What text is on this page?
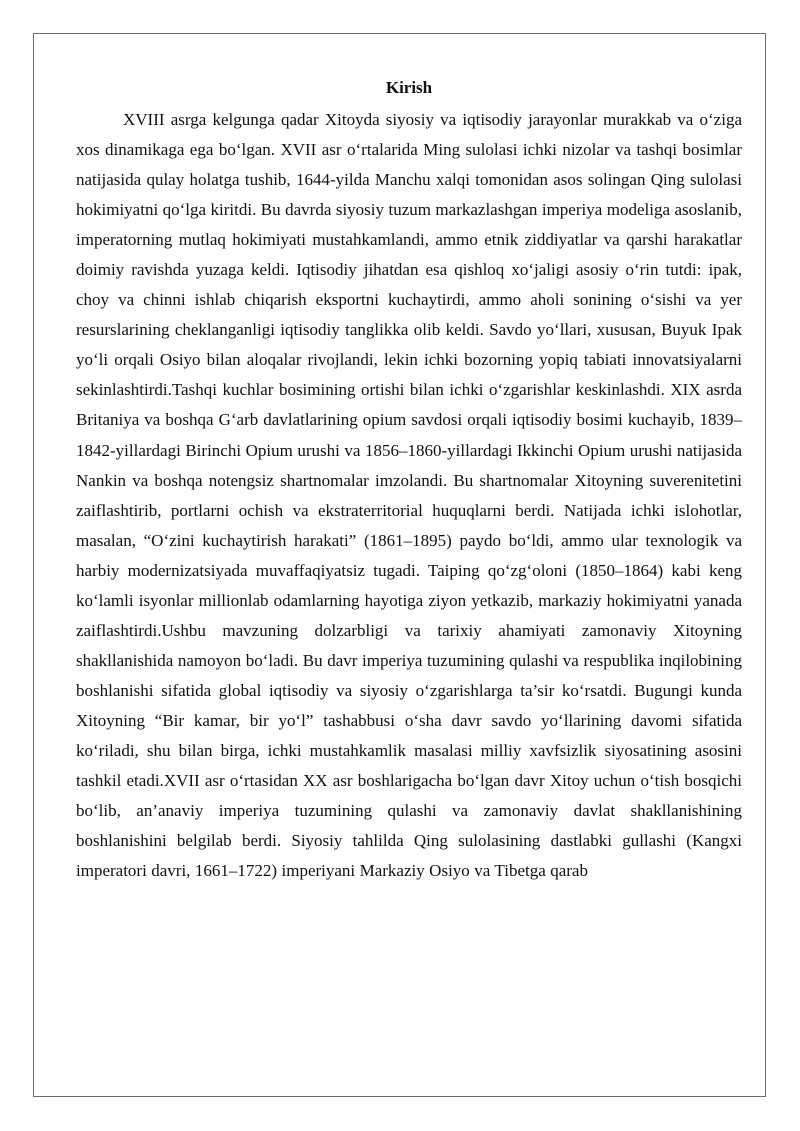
Kirish

XVIII asrga kelgunga qadar Xitoyda siyosiy va iqtisodiy jarayonlar murakkab va o‘ziga xos dinamikaga ega bo‘lgan. XVII asr o‘rtalarida Ming sulolasi ichki nizolar va tashqi bosimlar natijasida qulay holatga tushib, 1644-yilda Manchu xalqi tomonidan asos solingan Qing sulolasi hokimiyatni qo‘lga kiritdi. Bu davrda siyosiy tuzum markazlashgan imperiya modeliga asoslanib, imperatorning mutlaq hokimiyati mustahkamlandi, ammo etnik ziddiyatlar va qarshi harakatlar doimiy ravishda yuzaga keldi. Iqtisodiy jihatdan esa qishloq xo‘jaligi asosiy o‘rin tutdi: ipak, choy va chinni ishlab chiqarish eksportni kuchaytirdi, ammo aholi sonining o‘sishi va yer resurslarining cheklanganligi iqtisodiy tanglikka olib keldi. Savdo yo‘llari, xususan, Buyuk Ipak yo‘li orqali Osiyo bilan aloqalar rivojlandi, lekin ichki bozorning yopiq tabiati innovatsiyalarni sekinlashtirdi.Tashqi kuchlar bosimining ortishi bilan ichki o‘zgarishlar keskinlashdi. XIX asrda Britaniya va boshqa G‘arb davlatlarining opium savdosi orqali iqtisodiy bosimi kuchayib, 1839–1842-yillardagi Birinchi Opium urushi va 1856–1860-yillardagi Ikkinchi Opium urushi natijasida Nankin va boshqa notengsiz shartnomalar imzolandi. Bu shartnomalar Xitoyning suverenitetini zaiflashtirib, portlarni ochish va ekstraterritorial huquqlarni berdi. Natijada ichki islohotlar, masalan, “O‘zini kuchaytirish harakati” (1861–1895) paydo bo‘ldi, ammo ular texnologik va harbiy modernizatsiyada muvaffaqiyatsiz tugadi. Taiping qo‘zg‘oloni (1850–1864) kabi keng ko‘lamli isyonlar millionlab odamlarning hayotiga ziyon yetkazib, markaziy hokimiyatni yanada zaiflashtirdi.Ushbu mavzuning dolzarbligi va tarixiy ahamiyati zamonaviy Xitoyning shakllanishida namoyon bo‘ladi. Bu davr imperiya tuzumining qulashi va respublika inqilobining boshlanishi sifatida global iqtisodiy va siyosiy o‘zgarishlarga ta’sir ko‘rsatdi. Bugungi kunda Xitoyning “Bir kamar, bir yo‘l” tashabbusi o‘sha davr savdo yo‘llarining davomi sifatida ko‘riladi, shu bilan birga, ichki mustahkamlik masalasi milliy xavfsizlik siyosatining asosini tashkil etadi.XVII asr o‘rtasidan XX asr boshlarigacha bo‘lgan davr Xitoy uchun o‘tish bosqichi bo‘lib, an’anaviy imperiya tuzumining qulashi va zamonaviy davlat shakllanishining boshlanishini belgilab berdi. Siyosiy tahlilda Qing sulolasining dastlabki gullashi (Kangxi imperatori davri, 1661–1722) imperiyani Markaziy Osiyo va Tibetga qarab
